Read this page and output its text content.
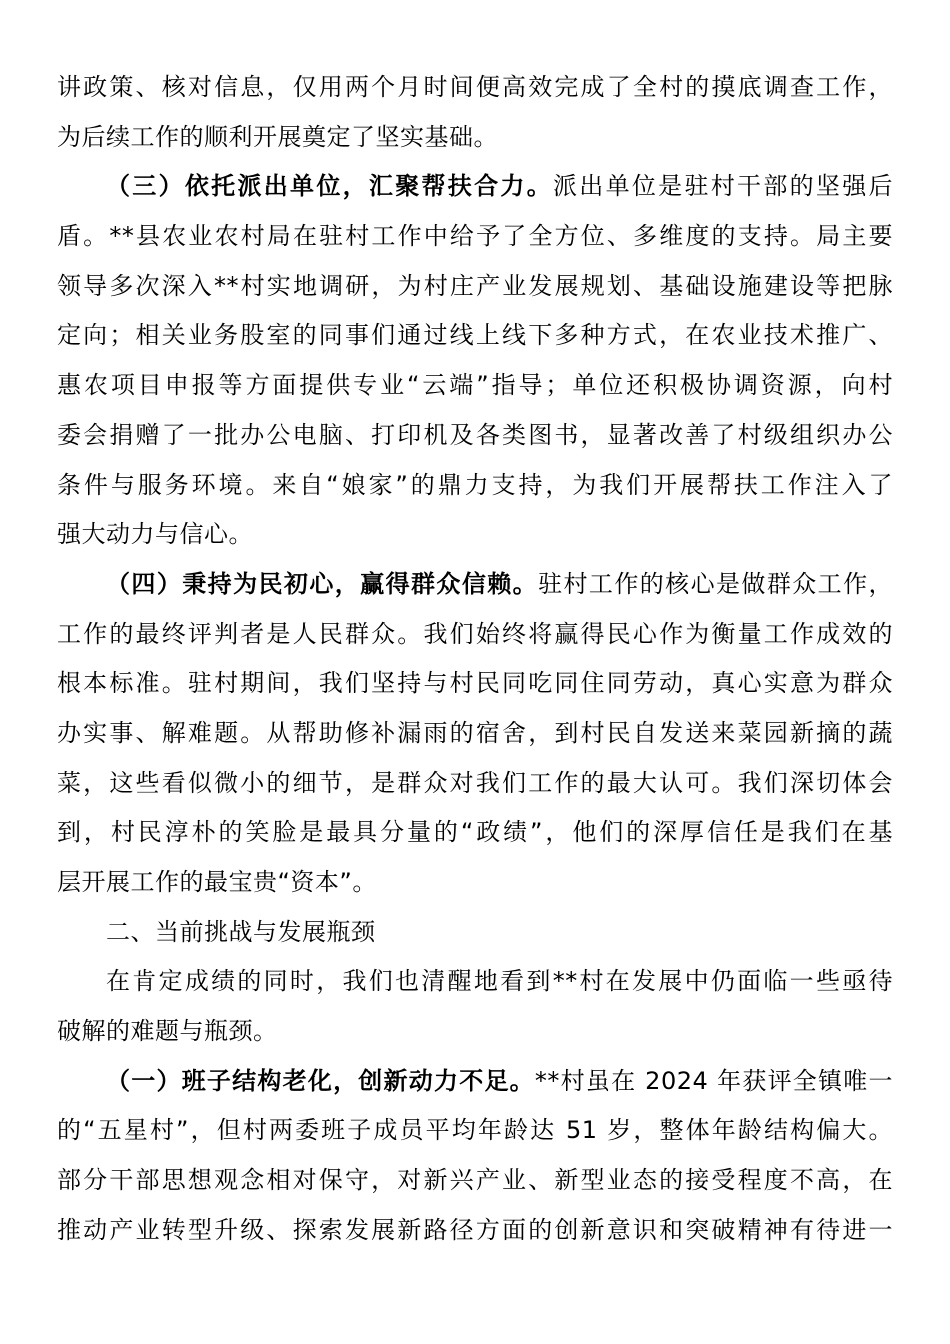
讲政策、核对信息，仅用两个月时间便高效完成了全村的摸底调查工作，
为后续工作的顺利开展奠定了坚实基础。
（三）依托派出单位，汇聚帮扶合力。派出单位是驻村干部的坚强后
盾。**县农业农村局在驻村工作中给予了全方位、多维度的支持。局主要
领导多次深入**村实地调研，为村庄产业发展规划、基础设施建设等把脉
定向；相关业务股室的同事们通过线上线下多种方式，在农业技术推广、
惠农项目申报等方面提供专业“云端”指导；单位还积极协调资源，向村
委会捐赠了一批办公电脑、打印机及各类图书，显著改善了村级组织办公
条件与服务环境。来自“娘家”的鼎力支持，为我们开展帮扶工作注入了
强大动力与信心。
（四）秉持为民初心，赢得群众信赖。驻村工作的核心是做群众工作，
工作的最终评判者是人民群众。我们始终将赢得民心作为衡量工作成效的
根本标准。驻村期间，我们坚持与村民同吃同住同劳动，真心实意为群众
办实事、解难题。从帮助修补漏雨的宿舍，到村民自发送来菜园新摘的蔬
菜，这些看似微小的细节，是群众对我们工作的最大认可。我们深切体会
到，村民淳朴的笑脸是最具分量的“政绩”，他们的深厚信任是我们在基
层开展工作的最宝贵“资本”。
二、当前挑战与发展瓶颈
在肯定成绩的同时，我们也清醒地看到**村在发展中仍面临一些亟待
破解的难题与瓶颈。
（一）班子结构老化，创新动力不足。**村虽在 2024 年获评全镇唯一
的“五星村”，但村两委班子成员平均年龄达 51 岁，整体年龄结构偏大。
部分干部思想观念相对保守，对新兴产业、新型业态的接受程度不高，在
推动产业转型升级、探索发展新路径方面的创新意识和突破精神有待进一
